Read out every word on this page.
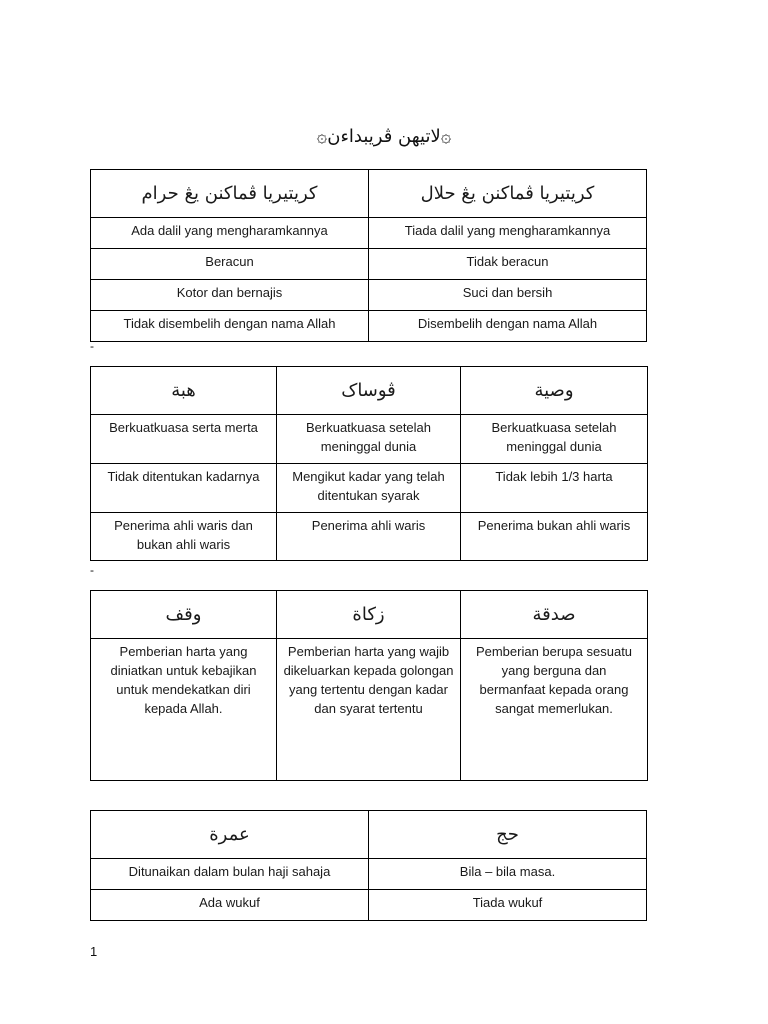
۞لاتيهن ڤريبداءن۞
کريتيريا ڤماکنن يڠ حرام	کريتيريا ڤماکنن يڠ حلال
Ada dalil yang mengharamkannya	Tiada dalil yang mengharamkannya
Beracun	Tidak beracun
Kotor dan bernajis	Suci dan bersih
Tidak disembelih dengan nama Allah	Disembelih dengan nama Allah
-
هبة	ڤوساک	وصية
Berkuatkuasa serta merta	Berkuatkuasa setelah meninggal dunia	Berkuatkuasa setelah meninggal dunia
Tidak ditentukan kadarnya	Mengikut kadar yang telah ditentukan syarak	Tidak lebih 1/3 harta
Penerima ahli waris dan bukan ahli waris	Penerima ahli waris	Penerima bukan ahli waris
-
وقف	زكاة	صدقة
Pemberian harta yang diniatkan untuk kebajikan untuk mendekatkan diri kepada Allah.	Pemberian harta yang wajib dikeluarkan kepada golongan yang tertentu dengan kadar dan syarat tertentu	Pemberian berupa sesuatu yang berguna dan bermanfaat kepada orang sangat memerlukan.
عمرة	حج
Ditunaikan dalam bulan haji sahaja	Bila – bila masa.
Ada wukuf	Tiada wukuf
1
